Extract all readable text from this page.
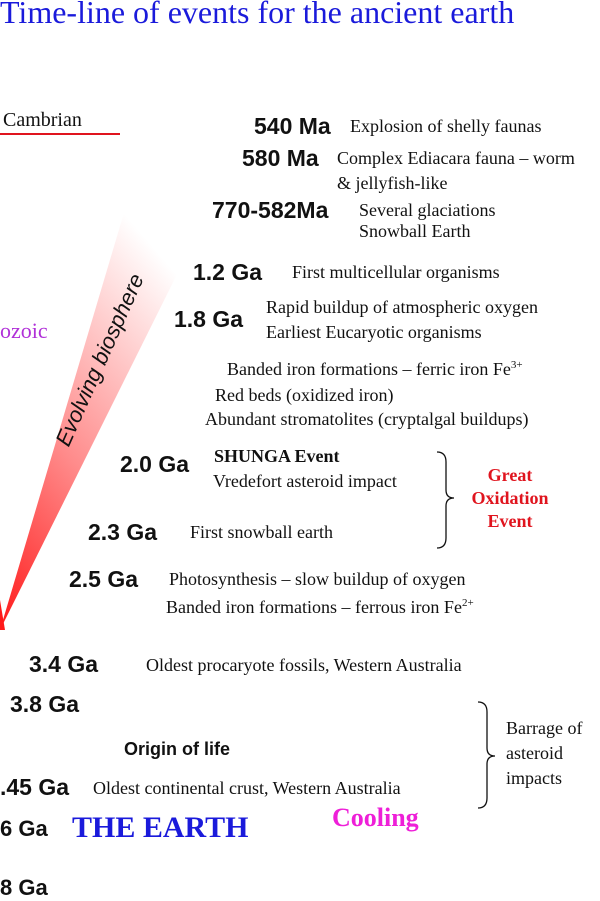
Time-line of events for the ancient earth
Cambrian
ozoic Evolving biosphere
540 Ma Explosion of shelly faunas
580 Ma Complex Ediacara fauna – worm
& jellyfish-like
770-582Ma Several glaciations
Snowball Earth
1.2 Ga First multicellular organisms
1.8 Ga Rapid buildup of atmospheric oxygen
Earliest Eucaryotic organisms
Banded iron formations – ferric iron $Fe^{3+}$
Red beds (oxidized iron)
Abundant stromatolites (cryptalgal buildups)
2.0 Ga SHUNGA Event
Vredefort asteroid impact
2.3 Ga First snowball earth
2.5 Ga Photosynthesis – slow buildup of oxygen
Banded iron formations – ferrous iron $Fe^{2+}$
3.4 Ga	Oldest procaryote fossils, Western Australia
3.8 Ga
Origin of life
.45 Ga Oldest continental crust, Western Australia
6 Ga THE EARTH
8 Ga
Cooling
Great
Oxidation
Event
Barrage of
asteroid
impacts
